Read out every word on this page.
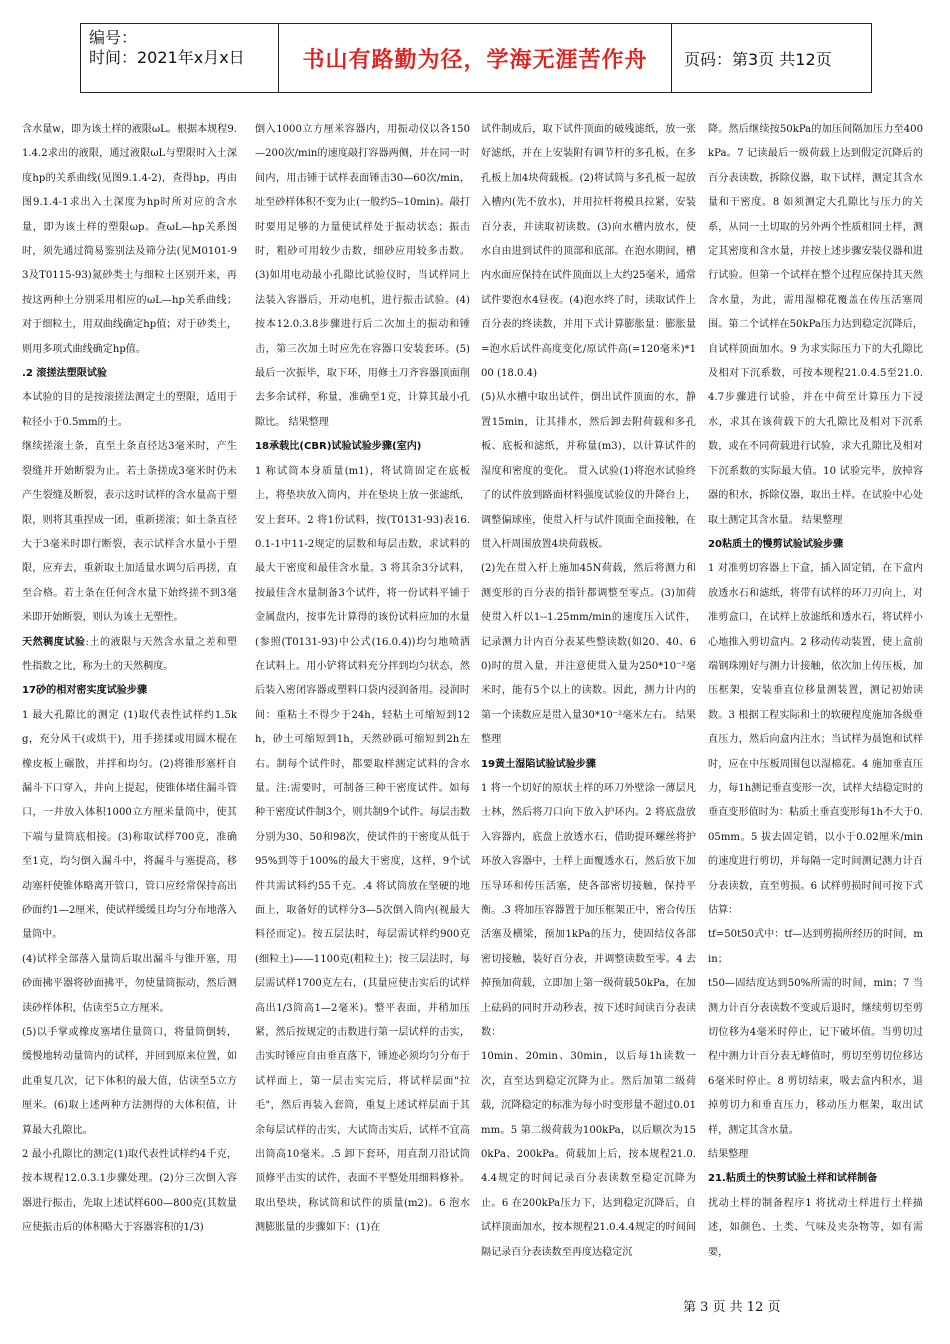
编号：
时间：2021年x月x日	书山有路勤为径，学海无涯苦作舟	页码：第3页 共12页

含水量w，即为该土样的液限ωL。根据本规程9.1.4.2求出的液限，通过液限ωL与塑限时入土深度hp的关系曲线(见图9.1.4-2)，查得hp，再由图9.1.4-1求出入土深度为hp时所对应的含水量，即为该土样的塑限ωp。查ωL—hp关系图时，须先通过简易鉴别法及筛分法(见M0101-93及T0115-93)氮砂类土与细粒土区别开来，再按这两种土分别采用相应的ωL—hp关系曲线；对于细粒土，用双曲线确定hp值；对于砂类土，则用多项式曲线确定hp值。

.2 滚搓法塑限试验

本试验的目的是按滚搓法测定土的塑限，适用于粒径小于0.5mm的土。

继续搓滚土条，直至土条直径达3毫米时，产生裂缝并开始断裂为止。若土条搓成3毫米时仍未产生裂缝及断裂，表示这时试样的含水量高于塑限，则将其重捏成一团，重新搓滚；如土条直径大于3毫米时即行断裂，表示试样含水量小于塑限，应弃去，重新取土加适量水调匀后再搓，直至合格。若土条在任何含水量下始终搓不到3毫米即开始断裂，则认为该土无塑性。

天然稠度试验:土的液限与天然含水量之差和塑性指数之比，称为土的天然稠度。

17砂的相对密实度试验步骤

1 最大孔隙比的测定 (1)取代表性试样约1.5kg，充分风干(或烘干)，用手搓揉或用圆木棍在橡皮板上碾散，并拌和均匀。(2)将锥形塞杆自漏斗下口穿入，并向上提起，使锥体堵住漏斗管口，一并放入体积1000立方厘米量筒中，使其下端与量筒底相接。(3)称取试样700克，准确至1克，均匀倒入漏斗中，将漏斗与塞提高，移动塞杆使锥体略离开管口，管口应经常保持高出砂面约1—2厘米，使试样缓缓且均匀分布地落入量筒中。

(4)试样全部落入量筒后取出漏斗与锥开塞，用砂面拂平器将砂面拂平，勿使量筒振动，然后测读砂样体积，估读至5立方厘米。

(5)以手掌或橡皮塞堵住量筒口，将量筒倒转，缓慢地转动量筒内的试样，并回到原来位置，如此重复几次，记下体积的最大值，估读至5立方厘米。(6)取上述两种方法测得的大体积值，计算最大孔隙比。

2 最小孔隙比的测定(1)取代表性试样约4千克，按本规程12.0.3.1步骤处理。(2)分三次倒入容器进行振击，先取上述试样600—800克(其数量应使振击后的体积略大于容器容积的1/3)

倒入1000立方厘米容器内，用振动仪以各150—200次/min的速度敲打容器两侧，并在同一时间内，用击锤于试样表面锤击30—60次/min，址至砂样体积不变为止(一般约5--10min)。敲打时要用足够的力量使试样处于振动状态；振击时，粗砂可用较少击数，细砂应用较多击数。(3)如用电动最小孔隙比试验仪时，当试样同上法装入容器后，开动电机，进行振击试验。(4)按本12.0.3.8步骤进行后二次加土的振动和锤击，第三次加土时应先在容器口安装套环。(5)最后一次振毕，取下环，用修土刀齐容器顶面削去多余试样，称量，准确至1克，计算其最小孔隙比。 结果整理

18承载比(CBR)试验试验步骤(室内)

1 称试筒本身质量(m1)，将试筒固定在底板上，将垫块放入筒内，并在垫块上放一张滤纸，安上套环。2 将1份试料，按(T0131-93)表16.0.1-1中11-2规定的层数和每层击数，求试料的最大干密度和最佳含水量。3 将其余3分试料，按最佳含水量制备3个试件，将一份试料平铺于金属盘内，按事先计算得的该份试料应加的水量(参照(T0131-93)中公式(16.0.4))均匀地喷洒在试料上。用小铲将试料充分拌到均匀状态，然后装入密闭容器或塑料口袋内浸润备用。浸润时间：重粘土不得少于24h，轻粘土可缩短到12h，砂土可缩短到1h，天然砂砾可缩短到2h左右。制每个试件时，都要取样测定试料的含水量。注:需要时，可制备三种干密度试件。如每种干密度试件制3个，则共制9个试件。每层击数分别为30、50和98次，使试件的干密度从低于95%到等于100%的最大干密度，这样，9个试件共需试料约55千克。.4 将试筒放在坚硬的地面上，取备好的试样分3—5次倒入筒内(视最大料径而定)。按五层法时，每层需试样约900克(细粒土)——1100克(粗粒土)；按三层法时，每层需试样1700克左右，(其量应使击实后的试样高出1/3筒高1—2毫米)。整平表面，并稍加压紧，然后按规定的击数进行第一层试样的击实，击实时锤应自由垂直落下，锤迹必须均匀分布于试样面上，第一层击实完后，将试样层面"拉毛"，然后再装入套筒，重复上述试样层面于其余每层试样的击实，大试筒击实后，试样不宜高出筒高10毫米。.5 卸下套环，用直刮刀沿试筒顶修平击实的试件，表面不平整处用细料修补。取出垫块，称试筒和试件的质量(m2)。6 泡水测膨胀量的步骤如下：(1)在

试件制成后，取下试件顶面的破残滤纸，放一张好滤纸，并在上安装附有调节杆的多孔板，在多孔板上加4块荷载板。(2)将试筒与多孔板一起放入槽内(先不放水)，并用拉杆将模具拉紧，安装百分表，并读取初读数。(3)向水槽内放水，使水自由进到试件的顶部和底部。在泡水期间，槽内水面应保持在试件顶面以上大约25毫米，通常试件要泡水4昼夜。(4)泡水终了时，读取试件上百分表的终读数，并用下式计算膨胀量：膨胀量=泡水后试件高度变化/原试件高(=120毫米)*100 (18.0.4)

(5)从水槽中取出试件，倒出试件顶面的水，静置15min，让其排水，然后卸去附荷载和多孔板、底板和滤纸，并称量(m3)，以计算试件的湿度和密度的变化。 贯入试验(1)将泡水试验终了的试件放到路面材料强度试验仪的升降台上，调整偏球座，使贯入杆与试件顶面全面接触，在贯入杆周围放置4块荷载板。

(2)先在贯入杆上施加45N荷载，然后将测力和测变形的百分表的指针都调整至零点。(3)加荷使贯入杆以1--1.25mm/min的速度压入试件，记录测力计内百分表某些整读数(如20、40、60)时的贯入量，并注意使贯入量为250*10⁻²毫米时，能有5个以上的读数。因此，测力计内的第一个读数应是贯入量30*10⁻²毫米左右。 结果整理

19黄土湿陷试验试验步骤

1 将一个切好的原状土样的环刀外壁涂一薄层凡士林，然后将刀口向下放入护环内。2 将底盘放入容器内，底盘上放透水石，借助提环螺丝将护环放入容器中，土样上面覆透水石，然后放下加压导环和传压活塞，使各部密切接触，保持平衡。.3 将加压容器置于加压框架正中，密合传压活塞及横梁，预加1kPa的压力，使固结仪各部密切接触，装好百分表，并调整读数至零。4 去掉预加荷载，立即加上第一级荷载50kPa，在加上砝码的同时开动秒表，按下述时间读百分表读数：

10min、20min、30min，以后每1h读数一次，直至达到稳定沉降为止。然后加第二级荷载，沉降稳定的标准为每小时变形量不超过0.01mm。5 第二级荷载为100kPa，以后顺次为150kPa、200kPa。荷载加上后，按本规程21.0.4.4规定的时间记录百分表读数至稳定沉降为止。6 在200kPa压力下，达到稳定沉降后，自试样顶面加水，按本规程21.0.4.4规定的时间间隔记录百分表读数至再度达稳定沉

降。然后继续按50kPa的加压间隔加压力至400kPa。7 记读最后一级荷载上达到假定沉降后的百分表读数，拆除仪器，取下试样，测定其含水量和干密度。8 如须测定大孔隙比与压力的关系，从同一土切取的另外两个性质相同土样，测定其密度和含水量，并按上述步骤安装仪器和进行试验。但第一个试样在整个过程应保持其天然含水量，为此，需用湿棉花覆盖在传压活塞周围。第二个试样在50kPa压力达到稳定沉降后，自试样顶面加水。9 为求实际压力下的大孔隙比及相对下沉系数，可按本规程21.0.4.5至21.0.4.7步骤进行试验，并在中荷至计算压力下浸水，求其在该荷载下的大孔隙比及相对下沉系数，或在不同荷载进行试验，求大孔隙比及相对下沉系数的实际最大值。10 试验完毕，放掉容器的积水，拆除仪器，取出土样。在试验中心处取土测定其含水量。 结果整理

20粘质土的慢剪试验试验步骤

1 对准剪切容器上下盒，插入固定销，在下盒内放透水石和滤纸，将带有试样的环刀刃向上，对准剪盒口，在试样上放滤纸和透水石，将试样小心地推入剪切盒内。2 移动传动装置，使上盒前端钢珠刚好与测力计接触，依次加上传压板，加压框架，安装垂直位移量测装置，测记初始读数。3 根据工程实际和土的软硬程度施加各级垂直压力，然后向盒内注水；当试样为晨饱和试样时，应在中压板周围包以湿棉花。4 施加垂直压力，每1h测记垂直变形一次，试样大结稳定时的垂直变形值时为：粘质土垂直变形每1h不大于0.05mm。5 拔去固定销，以小于0.02厘米/min的速度进行剪切，并每隔一定时间测记测力计百分表读数，直至剪损。6 试样剪损时间可按下式估算：

tf=50t50式中：tf—达到剪损所经历的时间，min；

t50—固结度达到50%所需的时间，min；7 当测力计百分表读数不变或后退时，继续剪切至剪切位移为4毫米时停止，记下破坏值。当剪切过程中测力计百分表无峰值时，剪切至剪切位移达6毫米时停止。8 剪切结束，吸去盒内积水，退掉剪切力和垂直压力，移动压力框架，取出试样，测定其含水量。

结果整理

21.粘质土的快剪试验土样和试样制备

扰动土样的制备程序1 将扰动土样进行土样描述，如颜色、土类、气味及夹杂物等，如有需要，

第 3 页 共 12 页
